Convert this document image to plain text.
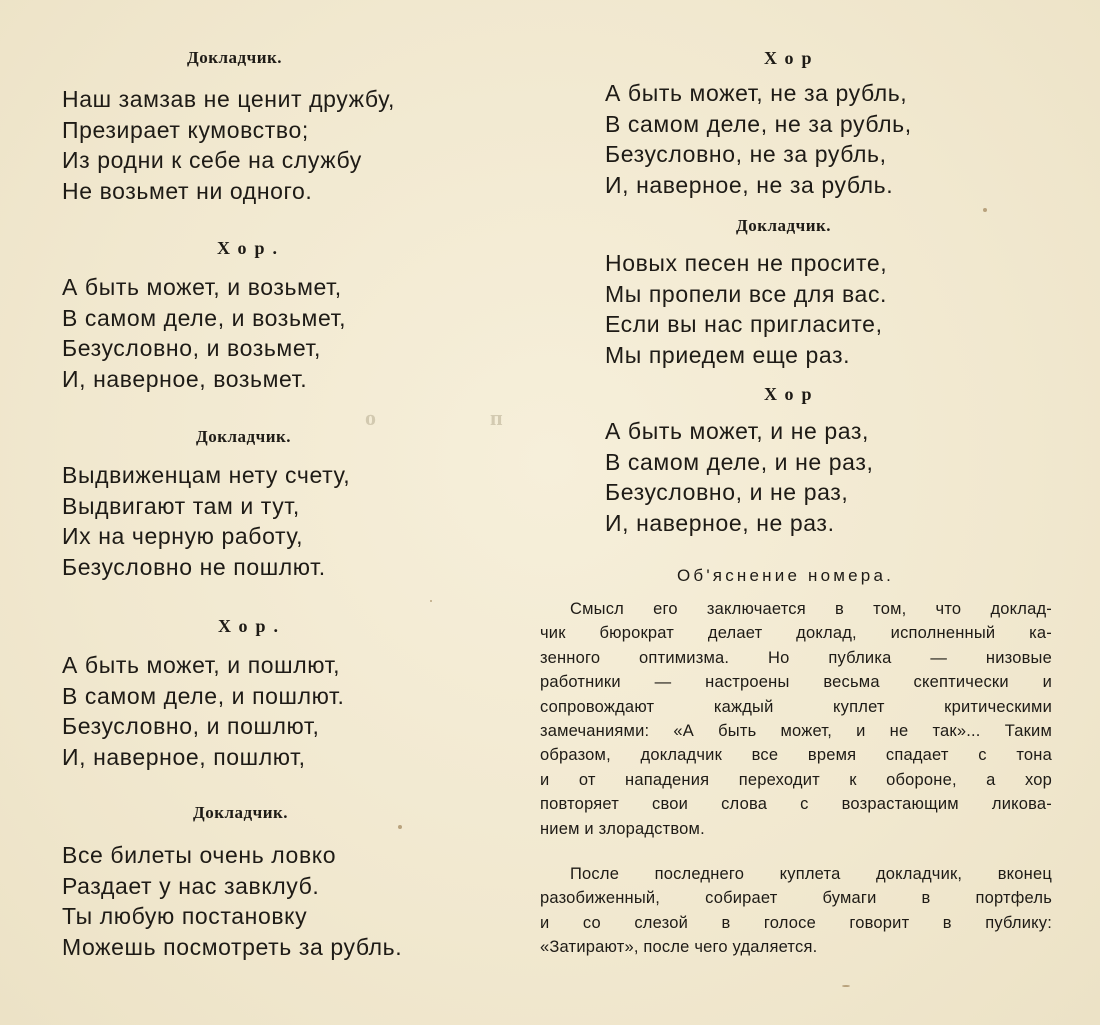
Докладчик.
Наш замзав не ценит дружбу,
Презирает кумовство;
Из родни к себе на службу
Не возьмет ни одного.
Хор.
А быть может, и возьмет,
В самом деле, и возьмет,
Безусловно, и возьмет,
И, наверное, возьмет.
Докладчик.
Выдвиженцам нету счету,
Выдвигают там и тут,
Их на черную работу,
Безусловно не пошлют.
Хор.
А быть может, и пошлют,
В самом деле, и пошлют.
Безусловно, и пошлют,
И, наверное, пошлют,
Докладчик.
Все билеты очень ловко
Раздает у нас завклуб.
Ты любую постановку
Можешь посмотреть за рубль.
Хор
А быть может, не за рубль,
В самом деле, не за рубль,
Безусловно, не за рубль,
И, наверное, не за рубль.
Докладчик.
Новых песен не просите,
Мы пропели все для вас.
Если вы нас пригласите,
Мы приедем еще раз.
Хор
А быть может, и не раз,
В самом деле, и не раз,
Безусловно, и не раз,
И, наверное, не раз.
Об'яснение номера.
Смысл его заключается в том, что доклад-
чик бюрократ делает доклад, исполненный ка-
зенного оптимизма. Но публика — низовые
работники — настроены весьма скептически и
сопровождают каждый куплет критическими
замечаниями: «А быть может, и не так»... Таким
образом, докладчик все время спадает с тона
и от нападения переходит к обороне, а хор
повторяет свои слова с возрастающим ликова-
нием и злорадством.
После последнего куплета докладчик, вконец
разобиженный, собирает бумаги в портфель
и со слезой в голосе говорит в публику:
«Затирают», после чего удаляется.
о	п
